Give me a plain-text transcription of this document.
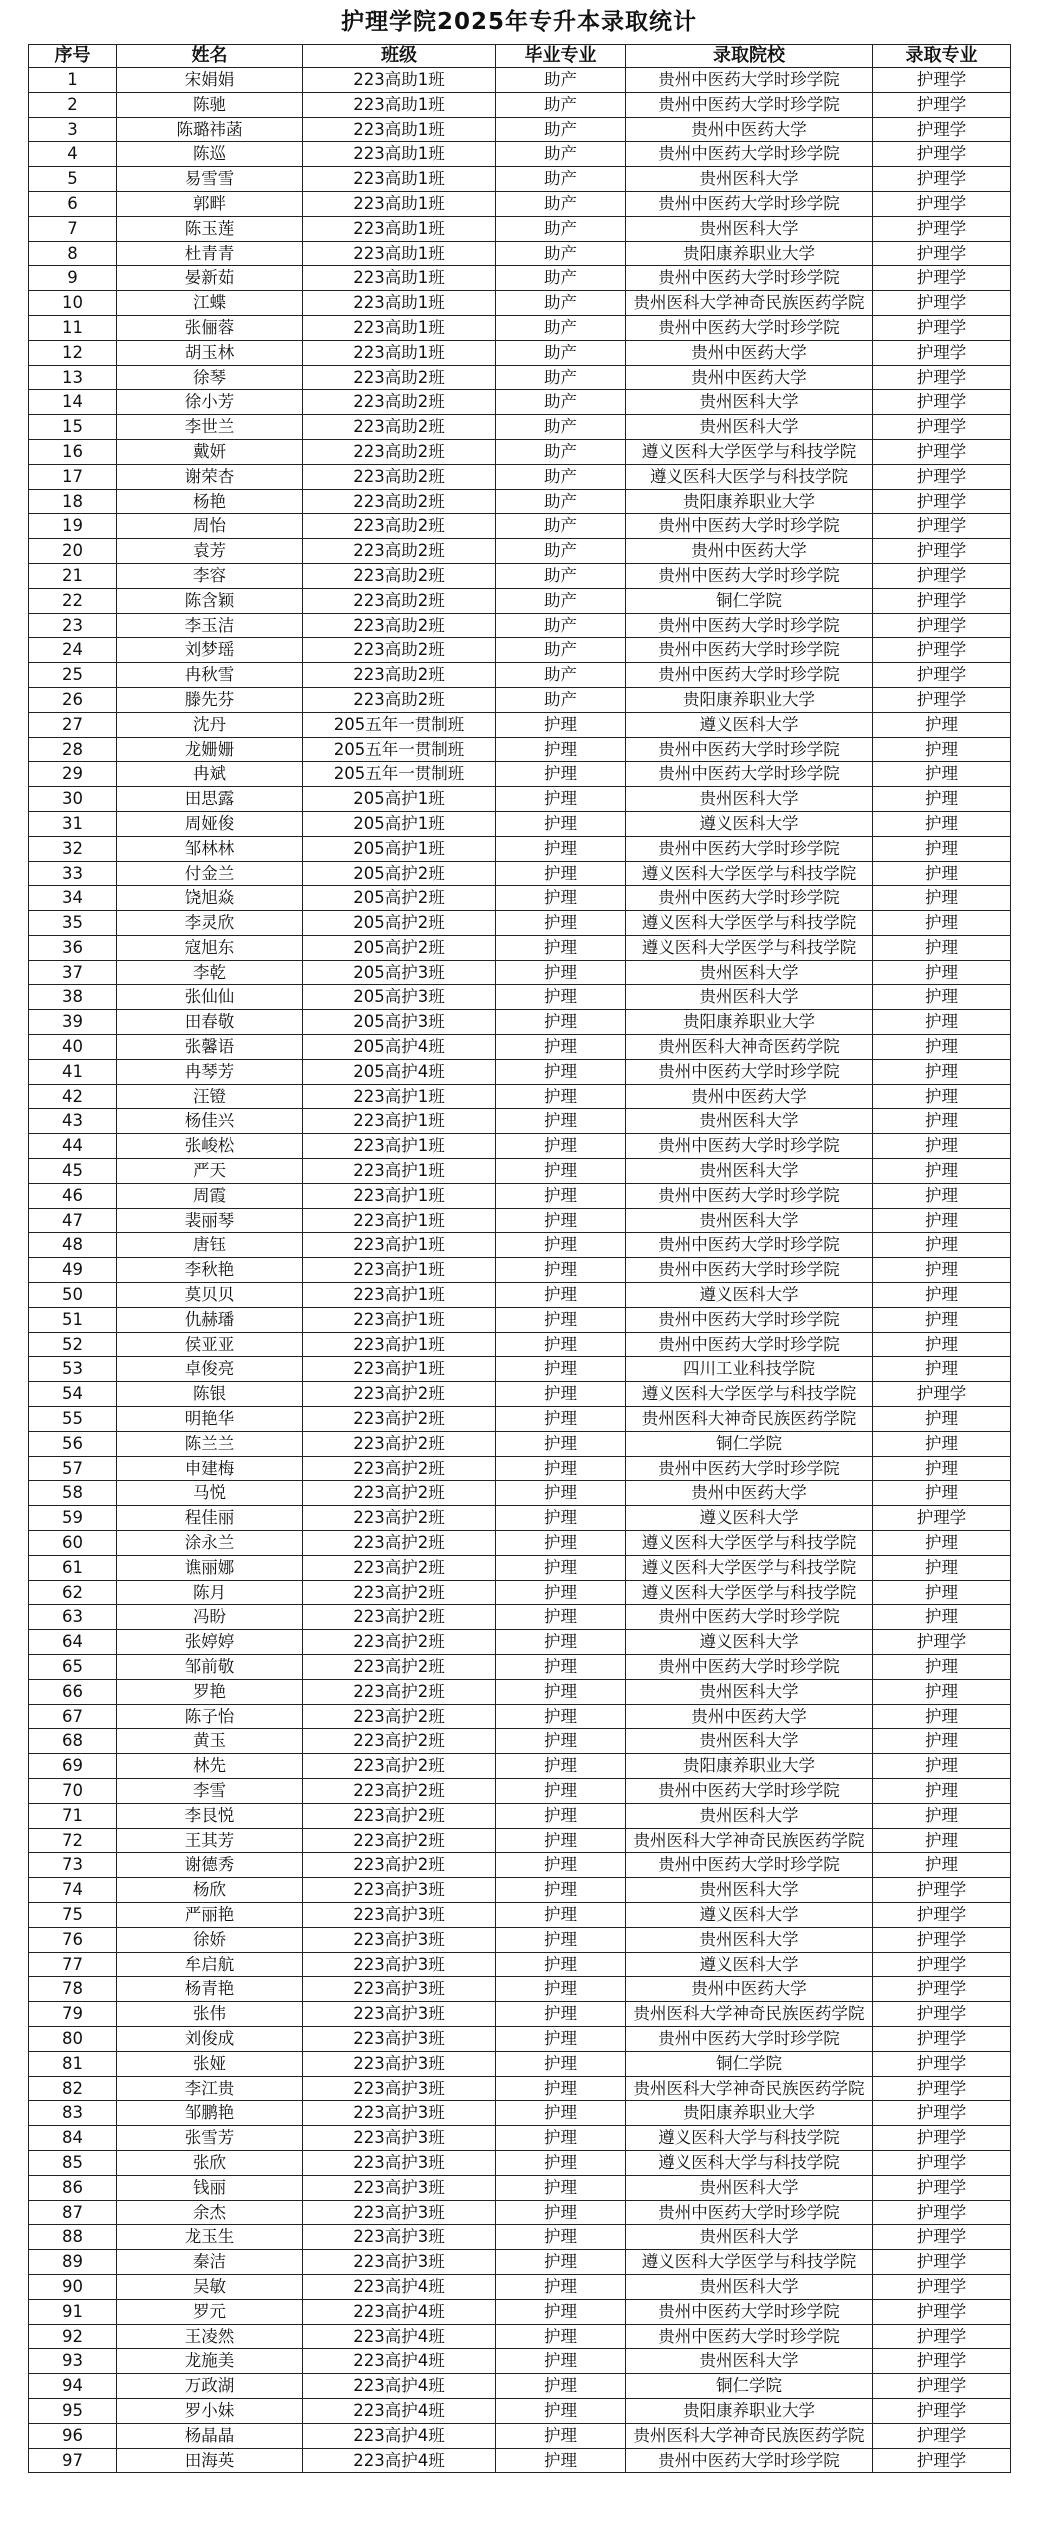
护理学院2025年专升本录取统计
序号	姓名	班级	毕业专业	录取院校	录取专业
1	宋娟娟	223高助1班	助产	贵州中医药大学时珍学院	护理学
2	陈驰	223高助1班	助产	贵州中医药大学时珍学院	护理学
3	陈璐祎菡	223高助1班	助产	贵州中医药大学	护理学
4	陈巡	223高助1班	助产	贵州中医药大学时珍学院	护理学
5	易雪雪	223高助1班	助产	贵州医科大学	护理学
6	郭畔	223高助1班	助产	贵州中医药大学时珍学院	护理学
7	陈玉莲	223高助1班	助产	贵州医科大学	护理学
8	杜青青	223高助1班	助产	贵阳康养职业大学	护理学
9	晏新茹	223高助1班	助产	贵州中医药大学时珍学院	护理学
10	江蝶	223高助1班	助产	贵州医科大学神奇民族医药学院	护理学
11	张俪蓉	223高助1班	助产	贵州中医药大学时珍学院	护理学
12	胡玉林	223高助1班	助产	贵州中医药大学	护理学
13	徐琴	223高助2班	助产	贵州中医药大学	护理学
14	徐小芳	223高助2班	助产	贵州医科大学	护理学
15	李世兰	223高助2班	助产	贵州医科大学	护理学
16	戴妍	223高助2班	助产	遵义医科大学医学与科技学院	护理学
17	谢荣杏	223高助2班	助产	遵义医科大医学与科技学院	护理学
18	杨艳	223高助2班	助产	贵阳康养职业大学	护理学
19	周怡	223高助2班	助产	贵州中医药大学时珍学院	护理学
20	袁芳	223高助2班	助产	贵州中医药大学	护理学
21	李容	223高助2班	助产	贵州中医药大学时珍学院	护理学
22	陈含颖	223高助2班	助产	铜仁学院	护理学
23	李玉洁	223高助2班	助产	贵州中医药大学时珍学院	护理学
24	刘梦瑶	223高助2班	助产	贵州中医药大学时珍学院	护理学
25	冉秋雪	223高助2班	助产	贵州中医药大学时珍学院	护理学
26	滕先芬	223高助2班	助产	贵阳康养职业大学	护理学
27	沈丹	205五年一贯制班	护理	遵义医科大学	护理
28	龙姗姗	205五年一贯制班	护理	贵州中医药大学时珍学院	护理
29	冉斌	205五年一贯制班	护理	贵州中医药大学时珍学院	护理
30	田思露	205高护1班	护理	贵州医科大学	护理
31	周娅俊	205高护1班	护理	遵义医科大学	护理
32	邹林林	205高护1班	护理	贵州中医药大学时珍学院	护理
33	付金兰	205高护2班	护理	遵义医科大学医学与科技学院	护理
34	饶旭焱	205高护2班	护理	贵州中医药大学时珍学院	护理
35	李灵欣	205高护2班	护理	遵义医科大学医学与科技学院	护理
36	寇旭东	205高护2班	护理	遵义医科大学医学与科技学院	护理
37	李乾	205高护3班	护理	贵州医科大学	护理
38	张仙仙	205高护3班	护理	贵州医科大学	护理
39	田春敬	205高护3班	护理	贵阳康养职业大学	护理
40	张馨语	205高护4班	护理	贵州医科大神奇医药学院	护理
41	冉琴芳	205高护4班	护理	贵州中医药大学时珍学院	护理
42	汪镫	223高护1班	护理	贵州中医药大学	护理
43	杨佳兴	223高护1班	护理	贵州医科大学	护理
44	张峻松	223高护1班	护理	贵州中医药大学时珍学院	护理
45	严天	223高护1班	护理	贵州医科大学	护理
46	周霞	223高护1班	护理	贵州中医药大学时珍学院	护理
47	裴丽琴	223高护1班	护理	贵州医科大学	护理
48	唐钰	223高护1班	护理	贵州中医药大学时珍学院	护理
49	李秋艳	223高护1班	护理	贵州中医药大学时珍学院	护理
50	莫贝贝	223高护1班	护理	遵义医科大学	护理
51	仇赫璠	223高护1班	护理	贵州中医药大学时珍学院	护理
52	侯亚亚	223高护1班	护理	贵州中医药大学时珍学院	护理
53	卓俊亮	223高护1班	护理	四川工业科技学院	护理
54	陈银	223高护2班	护理	遵义医科大学医学与科技学院	护理学
55	明艳华	223高护2班	护理	贵州医科大神奇民族医药学院	护理
56	陈兰兰	223高护2班	护理	铜仁学院	护理
57	申建梅	223高护2班	护理	贵州中医药大学时珍学院	护理
58	马悦	223高护2班	护理	贵州中医药大学	护理
59	程佳丽	223高护2班	护理	遵义医科大学	护理学
60	涂永兰	223高护2班	护理	遵义医科大学医学与科技学院	护理
61	谯丽娜	223高护2班	护理	遵义医科大学医学与科技学院	护理
62	陈月	223高护2班	护理	遵义医科大学医学与科技学院	护理
63	冯盼	223高护2班	护理	贵州中医药大学时珍学院	护理
64	张婷婷	223高护2班	护理	遵义医科大学	护理学
65	邹前敬	223高护2班	护理	贵州中医药大学时珍学院	护理
66	罗艳	223高护2班	护理	贵州医科大学	护理
67	陈子怡	223高护2班	护理	贵州中医药大学	护理
68	黄玉	223高护2班	护理	贵州医科大学	护理
69	林先	223高护2班	护理	贵阳康养职业大学	护理
70	李雪	223高护2班	护理	贵州中医药大学时珍学院	护理
71	李艮悦	223高护2班	护理	贵州医科大学	护理
72	王其芳	223高护2班	护理	贵州医科大学神奇民族医药学院	护理
73	谢德秀	223高护2班	护理	贵州中医药大学时珍学院	护理
74	杨欣	223高护3班	护理	贵州医科大学	护理学
75	严丽艳	223高护3班	护理	遵义医科大学	护理学
76	徐娇	223高护3班	护理	贵州医科大学	护理学
77	牟启航	223高护3班	护理	遵义医科大学	护理学
78	杨青艳	223高护3班	护理	贵州中医药大学	护理学
79	张伟	223高护3班	护理	贵州医科大学神奇民族医药学院	护理学
80	刘俊成	223高护3班	护理	贵州中医药大学时珍学院	护理学
81	张娅	223高护3班	护理	铜仁学院	护理学
82	李江贵	223高护3班	护理	贵州医科大学神奇民族医药学院	护理学
83	邹鹏艳	223高护3班	护理	贵阳康养职业大学	护理学
84	张雪芳	223高护3班	护理	遵义医科大学与科技学院	护理学
85	张欣	223高护3班	护理	遵义医科大学与科技学院	护理学
86	钱丽	223高护3班	护理	贵州医科大学	护理学
87	余杰	223高护3班	护理	贵州中医药大学时珍学院	护理学
88	龙玉生	223高护3班	护理	贵州医科大学	护理学
89	秦洁	223高护3班	护理	遵义医科大学医学与科技学院	护理学
90	吴敏	223高护4班	护理	贵州医科大学	护理学
91	罗元	223高护4班	护理	贵州中医药大学时珍学院	护理学
92	王凌然	223高护4班	护理	贵州中医药大学时珍学院	护理学
93	龙施美	223高护4班	护理	贵州医科大学	护理学
94	万政湖	223高护4班	护理	铜仁学院	护理学
95	罗小妹	223高护4班	护理	贵阳康养职业大学	护理学
96	杨晶晶	223高护4班	护理	贵州医科大学神奇民族医药学院	护理学
97	田海英	223高护4班	护理	贵州中医药大学时珍学院	护理学
